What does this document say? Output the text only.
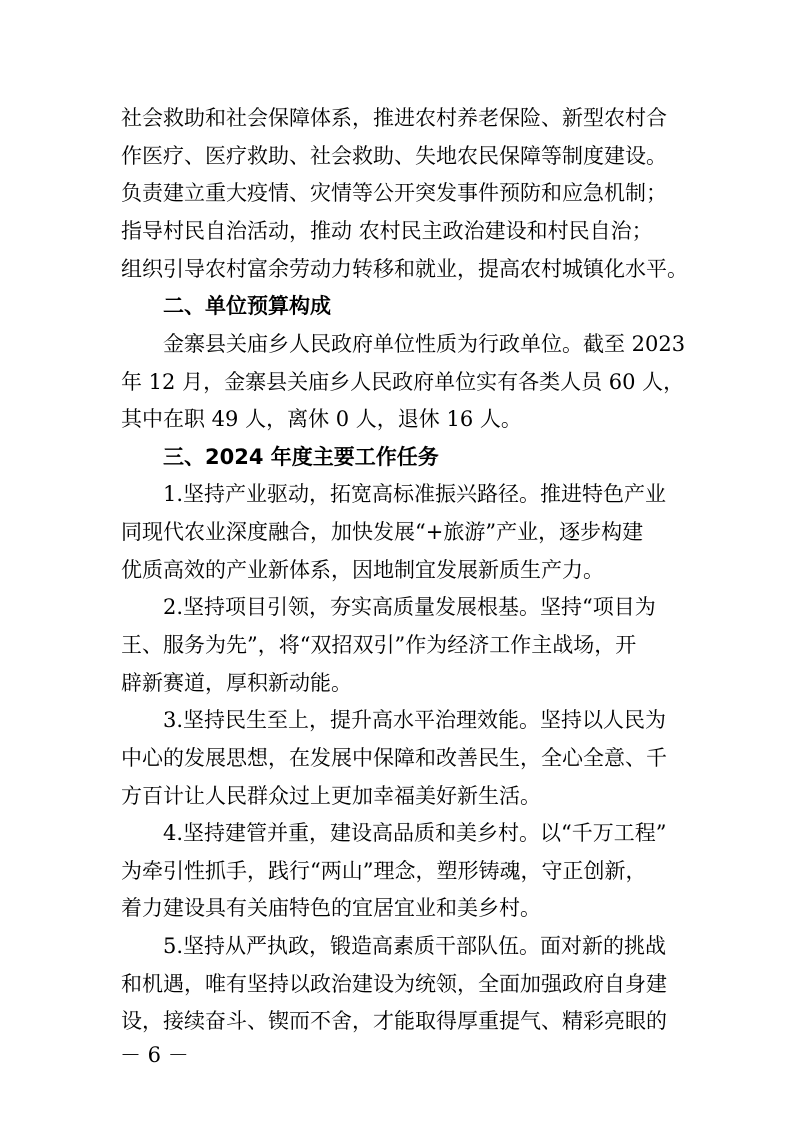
社会救助和社会保障体系，推进农村养老保险、新型农村合
作医疗、医疗救助、社会救助、失地农民保障等制度建设。
负责建立重大疫情、灾情等公开突发事件预防和应急机制；
指导村民自治活动，推动 农村民主政治建设和村民自治；
组织引导农村富余劳动力转移和就业，提高农村城镇化水平。
二、单位预算构成
金寨县关庙乡人民政府单位性质为行政单位。截至 2023
年 12 月，金寨县关庙乡人民政府单位实有各类人员 60 人，
其中在职 49 人，离休 0 人，退休 16 人。
三、2024 年度主要工作任务
1.坚持产业驱动，拓宽高标准振兴路径。推进特色产业
同现代农业深度融合，加快发展“+旅游”产业，逐步构建
优质高效的产业新体系，因地制宜发展新质生产力。
2.坚持项目引领，夯实高质量发展根基。坚持“项目为
王、服务为先”，将“双招双引”作为经济工作主战场，开
辟新赛道，厚积新动能。
3.坚持民生至上，提升高水平治理效能。坚持以人民为
中心的发展思想，在发展中保障和改善民生，全心全意、千
方百计让人民群众过上更加幸福美好新生活。
4.坚持建管并重，建设高品质和美乡村。以“千万工程”
为牵引性抓手，践行“两山”理念，塑形铸魂，守正创新，
着力建设具有关庙特色的宜居宜业和美乡村。
5.坚持从严执政，锻造高素质干部队伍。面对新的挑战
和机遇，唯有坚持以政治建设为统领，全面加强政府自身建
设，接续奋斗、锲而不舍，才能取得厚重提气、精彩亮眼的
－ 6 －
